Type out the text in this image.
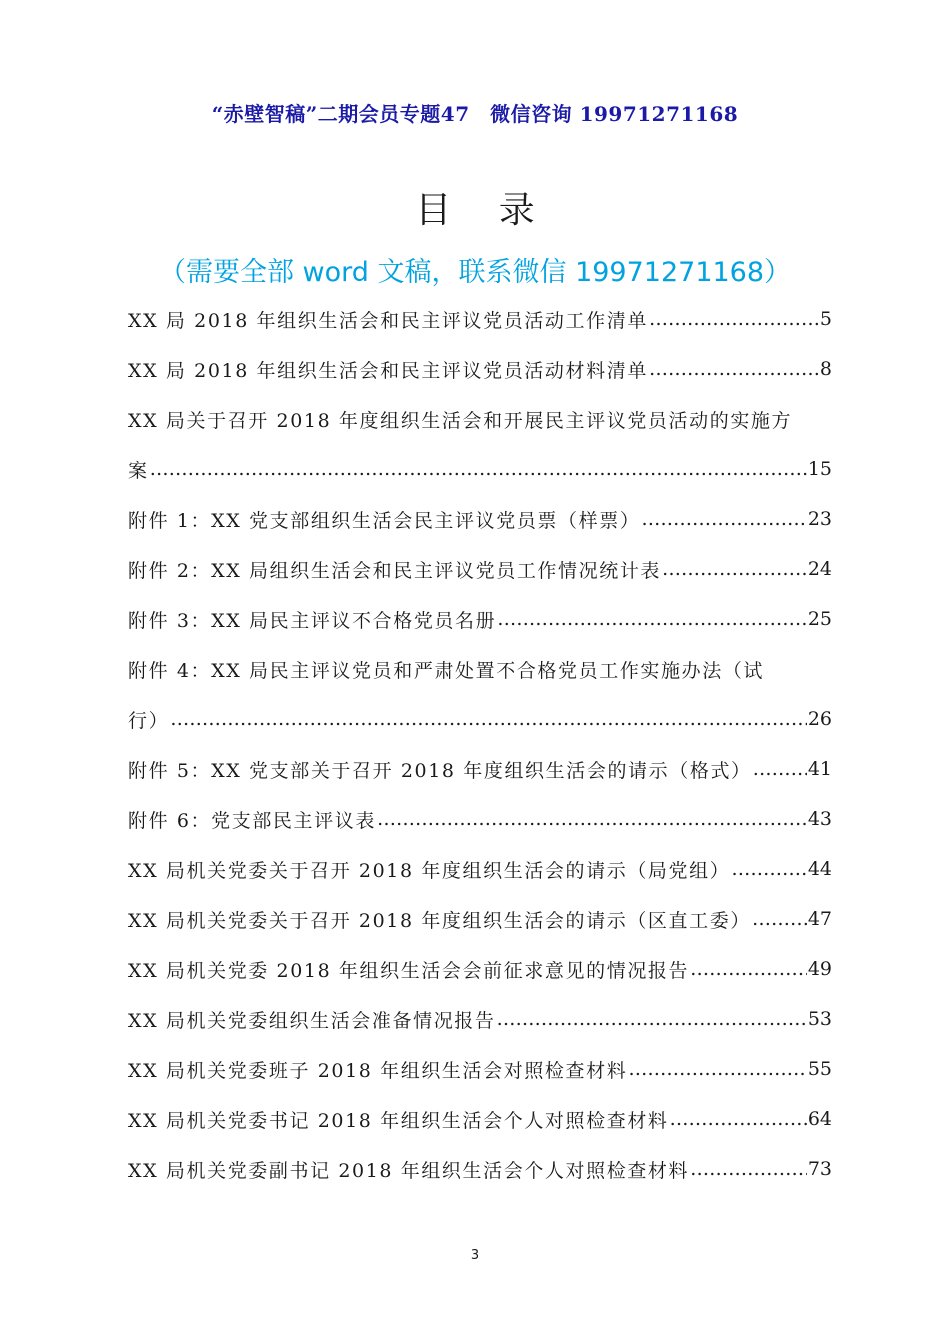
“赤壁智稿”二期会员专题47　微信咨询 19971271168
目 录
（需要全部 word 文稿，联系微信 19971271168）
XX 局 2018 年组织生活会和民主评议党员活动工作清单 ……………………………………………………………………………………………………………………………………………………………………	5
XX 局 2018 年组织生活会和民主评议党员活动材料清单 ……………………………………………………………………………………………………………………………………………………………………	8
XX 局关于召开 2018 年度组织生活会和开展民主评议党员活动的实施方
案 ……………………………………………………………………………………………………………………………………………………………………	15
附件 1：XX 党支部组织生活会民主评议党员票（样票） ……………………………………………………………………………………………………………………………………………………………………	23
附件 2：XX 局组织生活会和民主评议党员工作情况统计表 ……………………………………………………………………………………………………………………………………………………………………	24
附件 3：XX 局民主评议不合格党员名册 ……………………………………………………………………………………………………………………………………………………………………	25
附件 4：XX 局民主评议党员和严肃处置不合格党员工作实施办法（试
行） ……………………………………………………………………………………………………………………………………………………………………	26
附件 5：XX 党支部关于召开 2018 年度组织生活会的请示（格式） ……………………………………………………………………………………………………………………………………………………………………	41
附件 6：党支部民主评议表 ……………………………………………………………………………………………………………………………………………………………………	43
XX 局机关党委关于召开 2018 年度组织生活会的请示（局党组） ……………………………………………………………………………………………………………………………………………………………………	44
XX 局机关党委关于召开 2018 年度组织生活会的请示（区直工委） ……………………………………………………………………………………………………………………………………………………………………	47
XX 局机关党委 2018 年组织生活会会前征求意见的情况报告 ……………………………………………………………………………………………………………………………………………………………………	49
XX 局机关党委组织生活会准备情况报告 ……………………………………………………………………………………………………………………………………………………………………	53
XX 局机关党委班子 2018 年组织生活会对照检查材料 ……………………………………………………………………………………………………………………………………………………………………	55
XX 局机关党委书记 2018 年组织生活会个人对照检查材料 ……………………………………………………………………………………………………………………………………………………………………	64
XX 局机关党委副书记 2018 年组织生活会个人对照检查材料 ……………………………………………………………………………………………………………………………………………………………………	73
3
